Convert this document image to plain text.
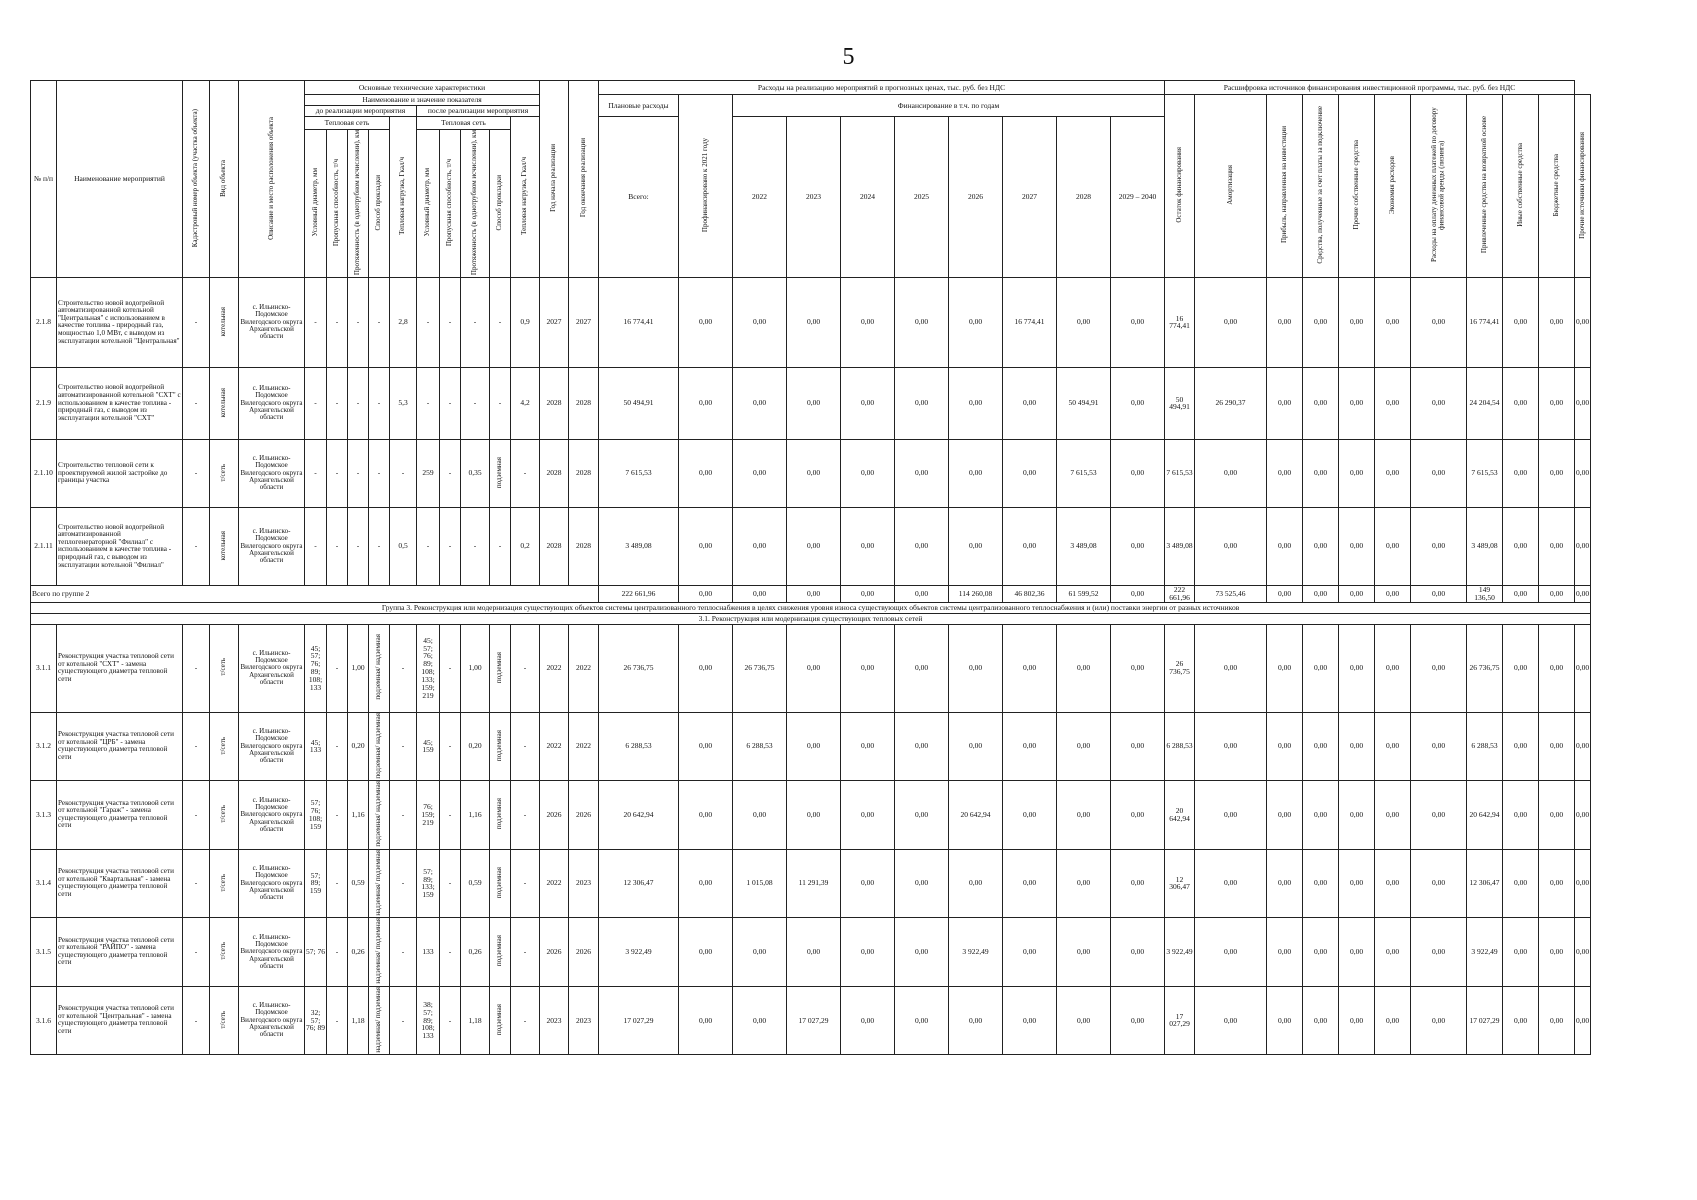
5
№ п/п	Наименование мероприятий	Кадастровый номер объекта (участка объекта)	Вид объекта	Описание и место расположения объекта	Основные технические характеристики										Год начала реализации	Год окончания реализации	Расходы на реализацию мероприятий в прогнозных ценах, тыс. руб. без НДС										Расшифровка источников финансирования инвестиционной программы, тыс. руб. без НДС										
					Наименование и значение показателя												Плановые расходы	Профинансировано к 2021 году	Финансирование в т.ч. по годам								Остаток финансирования	Амортизация	Прибыль, направленная на инвестиции	Средства, полученные за счет платы за подключение	Прочие собственные средства	Экономия расходов	Расходы на оплату денежных платежей по договору финансовой аренды (лизинга)	Привлеченные средства на возвратной основе	Иные собственные средства	Бюджетные средства	Прочие источники финансирования
					до реализации мероприятия					после реализации мероприятия																											
					Тепловая сеть				Тепловая нагрузка, Гкал/ч	Тепловая сеть				Тепловая нагрузка, Гкал/ч			Всего:		2022	2023	2024	2025	2026	2027	2028	2029 – 2040											
					Условный диаметр, мм	Пропускная способность, т/ч	Протяженность (в однотрубном исчислении), км	Способ прокладки		Условный диаметр, мм	Пропускная способность, т/ч	Протяженность (в однотрубном исчислении), км	Способ прокладки																								
2.1.8	Строительство новой водогрейной автоматизированной котельной "Центральная" с использованием в качестве топлива - природный газ, мощностью 1,0 МВт, с выводом из эксплуатации котельной "Центральная"	-	котельная	с. Ильинско-Подомское Вилегодского округа Архангельской области	-	-	-	-	2,8	-	-	-	-	0,9	2027	2027	16 774,41	0,00	0,00	0,00	0,00	0,00	0,00	16 774,41	0,00	0,00	16 774,41	0,00	0,00	0,00	0,00	0,00	0,00	16 774,41	0,00	0,00	0,00
2.1.9	Строительство новой водогрейной автоматизированной котельной "СХТ" с использованием в качестве топлива - природный газ, с выводом из эксплуатации котельной "СХТ"	-	котельная	с. Ильинско-Подомское Вилегодского округа Архангельской области	-	-	-	-	5,3	-	-	-	-	4,2	2028	2028	50 494,91	0,00	0,00	0,00	0,00	0,00	0,00	0,00	50 494,91	0,00	50 494,91	26 290,37	0,00	0,00	0,00	0,00	0,00	24 204,54	0,00	0,00	0,00
2.1.10	Строительство тепловой сети к проектируемой жилой застройке до границы участка	-	т/сеть	с. Ильинско-Подомское Вилегодского округа Архангельской области	-	-	-	-	-	259	-	0,35	подземная	-	2028	2028	7 615,53	0,00	0,00	0,00	0,00	0,00	0,00	0,00	7 615,53	0,00	7 615,53	0,00	0,00	0,00	0,00	0,00	0,00	7 615,53	0,00	0,00	0,00
2.1.11	Строительство новой водогрейной автоматизированной теплогенераторной "Филиал" с использованием в качестве топлива - природный газ, с выводом из эксплуатации котельной "Филиал"	-	котельная	с. Ильинско-Подомское Вилегодского округа Архангельской области	-	-	-	-	0,5	-	-	-	-	0,2	2028	2028	3 489,08	0,00	0,00	0,00	0,00	0,00	0,00	0,00	3 489,08	0,00	3 489,08	0,00	0,00	0,00	0,00	0,00	0,00	3 489,08	0,00	0,00	0,00
Всего по группе 2																	222 661,96	0,00	0,00	0,00	0,00	0,00	114 260,08	46 802,36	61 599,52	0,00	222 661,96	73 525,46	0,00	0,00	0,00	0,00	0,00	149 136,50	0,00	0,00	0,00
Группа 3. Реконструкция или модернизация существующих объектов системы централизованного теплоснабжения в целях снижения уровня износа существующих объектов системы централизованного теплоснабжения и (или) поставки энергии от разных источников																																					
3.1. Реконструкция или модернизация существующих тепловых сетей																																					
3.1.1	Реконструкция участка тепловой сети от котельной "СХТ" - замена существующего диаметра тепловой сети	-	т/сеть	с. Ильинско-Подомское Вилегодского округа Архангельской области	45; 57; 76; 89; 108; 133	-	1,00	подземная/ надземная	-	45; 57; 76; 89; 108; 133; 159; 219	-	1,00	подземная	-	2022	2022	26 736,75	0,00	26 736,75	0,00	0,00	0,00	0,00	0,00	0,00	0,00	26 736,75	0,00	0,00	0,00	0,00	0,00	0,00	26 736,75	0,00	0,00	0,00
3.1.2	Реконструкция участка тепловой сети от котельной "ЦРБ" - замена существующего диаметра тепловой сети	-	т/сеть	с. Ильинско-Подомское Вилегодского округа Архангельской области	45; 133	-	0,20	подземная/ надземная	-	45; 159	-	0,20	подземная	-	2022	2022	6 288,53	0,00	6 288,53	0,00	0,00	0,00	0,00	0,00	0,00	0,00	6 288,53	0,00	0,00	0,00	0,00	0,00	0,00	6 288,53	0,00	0,00	0,00
3.1.3	Реконструкция участка тепловой сети от котельной "Гараж" - замена существующего диаметра тепловой сети	-	т/сеть	с. Ильинско-Подомское Вилегодского округа Архангельской области	57; 76; 108; 159	-	1,16	подземная/ надземная	-	76; 159; 219	-	1,16	подземная	-	2026	2026	20 642,94	0,00	0,00	0,00	0,00	0,00	20 642,94	0,00	0,00	0,00	20 642,94	0,00	0,00	0,00	0,00	0,00	0,00	20 642,94	0,00	0,00	0,00
3.1.4	Реконструкция участка тепловой сети от котельной "Квартальная" - замена существующего диаметра тепловой сети	-	т/сеть	с. Ильинско-Подомское Вилегодского округа Архангельской области	57; 89; 159	-	0,59	надземная/ подземная	-	57; 89; 133; 159	-	0,59	подземная	-	2022	2023	12 306,47	0,00	1 015,08	11 291,39	0,00	0,00	0,00	0,00	0,00	0,00	12 306,47	0,00	0,00	0,00	0,00	0,00	0,00	12 306,47	0,00	0,00	0,00
3.1.5	Реконструкция участка тепловой сети от котельной "РАЙПО" - замена существующего диаметра тепловой сети	-	т/сеть	с. Ильинско-Подомское Вилегодского округа Архангельской области	57; 76	-	0,26	надземная/ подземная	-	133	-	0,26	подземная	-	2026	2026	3 922,49	0,00	0,00	0,00	0,00	0,00	3 922,49	0,00	0,00	0,00	3 922,49	0,00	0,00	0,00	0,00	0,00	0,00	3 922,49	0,00	0,00	0,00
3.1.6	Реконструкция участка тепловой сети от котельной "Центральная" - замена существующего диаметра тепловой сети	-	т/сеть	с. Ильинско-Подомское Вилегодского округа Архангельской области	32; 57; 76; 89	-	1,18	надземная/ подземная	-	38; 57; 89; 108; 133	-	1,18	подземная	-	2023	2023	17 027,29	0,00	0,00	17 027,29	0,00	0,00	0,00	0,00	0,00	0,00	17 027,29	0,00	0,00	0,00	0,00	0,00	0,00	17 027,29	0,00	0,00	0,00
